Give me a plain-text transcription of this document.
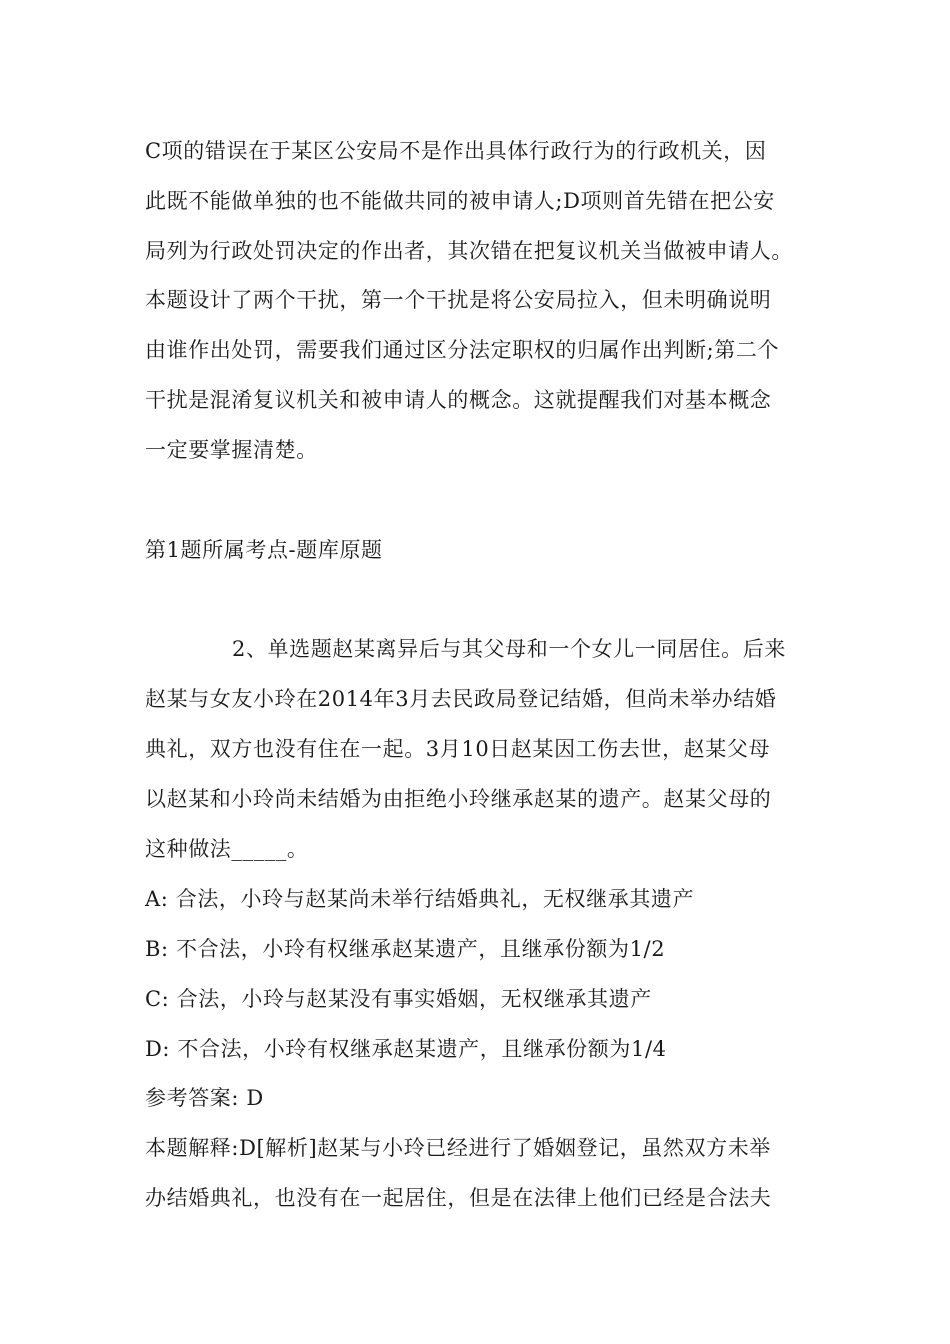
C项的错误在于某区公安局不是作出具体行政行为的行政机关，因
此既不能做单独的也不能做共同的被申请人;D项则首先错在把公安
局列为行政处罚决定的作出者，其次错在把复议机关当做被申请人。
本题设计了两个干扰，第一个干扰是将公安局拉入，但未明确说明
由谁作出处罚，需要我们通过区分法定职权的归属作出判断;第二个
干扰是混淆复议机关和被申请人的概念。这就提醒我们对基本概念
一定要掌握清楚。
第1题所属考点-题库原题
2、单选题赵某离异后与其父母和一个女儿一同居住。后来
赵某与女友小玲在2014年3月去民政局登记结婚，但尚未举办结婚
典礼，双方也没有住在一起。3月10日赵某因工伤去世，赵某父母
以赵某和小玲尚未结婚为由拒绝小玲继承赵某的遗产。赵某父母的
这种做法_____。
A: 合法，小玲与赵某尚未举行结婚典礼，无权继承其遗产
B: 不合法，小玲有权继承赵某遗产，且继承份额为1/2
C: 合法，小玲与赵某没有事实婚姻，无权继承其遗产
D: 不合法，小玲有权继承赵某遗产，且继承份额为1/4
参考答案: D
本题解释:D[解析]赵某与小玲已经进行了婚姻登记，虽然双方未举
办结婚典礼，也没有在一起居住，但是在法律上他们已经是合法夫
